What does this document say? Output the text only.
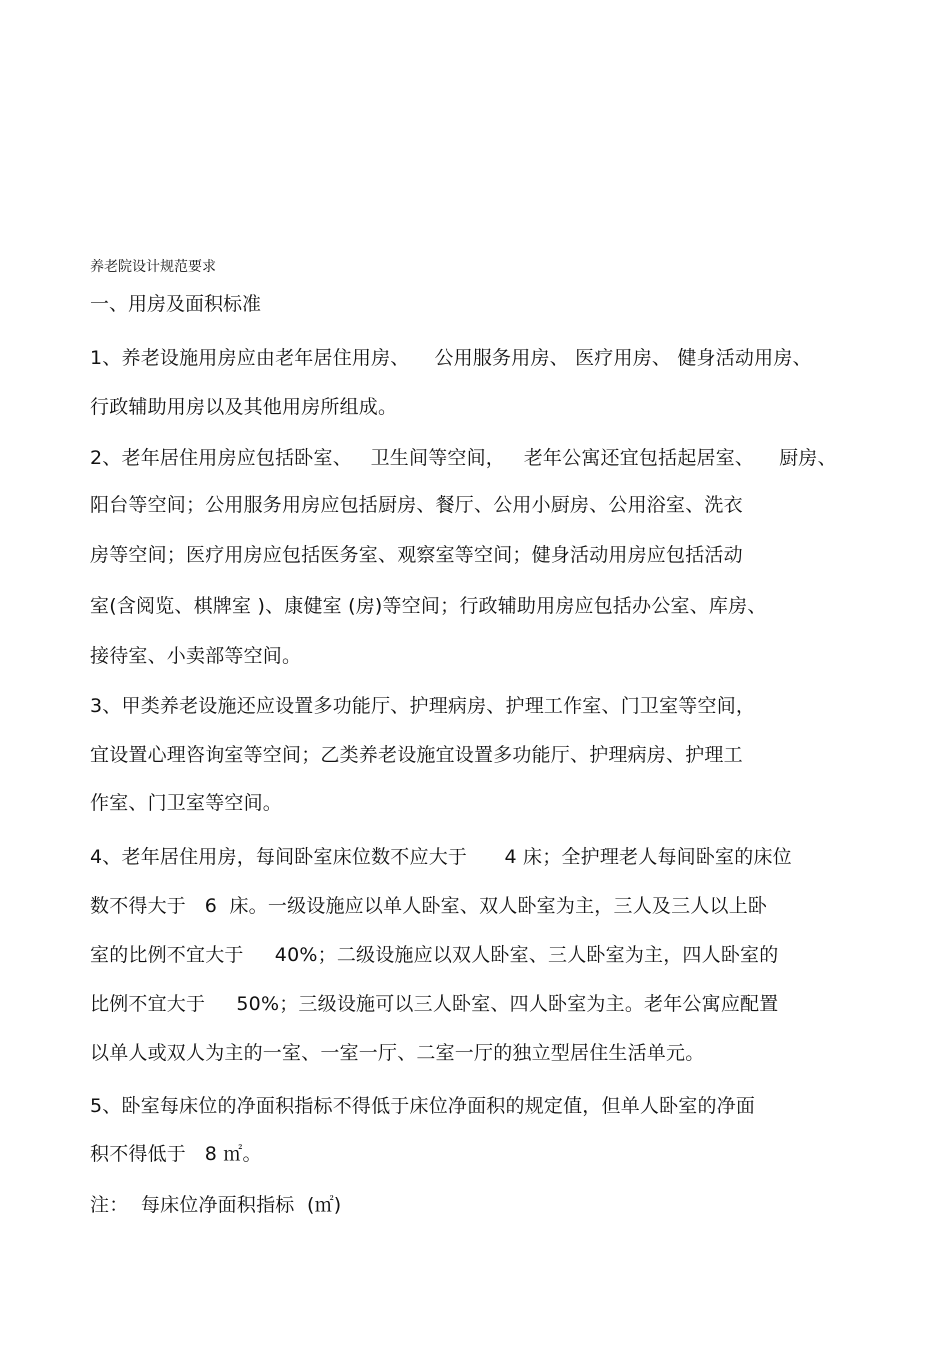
养老院设计规范要求
一、用房及面积标准
1、养老设施用房应由老年居住用房、    公用服务用房、 医疗用房、 健身活动用房、
行政辅助用房以及其他用房所组成。
2、老年居住用房应包括卧室、   卫生间等空间，   老年公寓还宜包括起居室、    厨房、
阳台等空间；公用服务用房应包括厨房、餐厅、公用小厨房、公用浴室、洗衣
房等空间；医疗用房应包括医务室、观察室等空间；健身活动用房应包括活动
室(含阅览、棋牌室 )、康健室 (房)等空间；行政辅助用房应包括办公室、库房、
接待室、小卖部等空间。
3、甲类养老设施还应设置多功能厅、护理病房、护理工作室、门卫室等空间，
宜设置心理咨询室等空间；乙类养老设施宜设置多功能厅、护理病房、护理工
作室、门卫室等空间。
4、老年居住用房，每间卧室床位数不应大于      4 床；全护理老人每间卧室的床位
数不得大于   6  床。一级设施应以单人卧室、双人卧室为主，三人及三人以上卧
室的比例不宜大于     40%；二级设施应以双人卧室、三人卧室为主，四人卧室的
比例不宜大于     50%；三级设施可以三人卧室、四人卧室为主。老年公寓应配置
以单人或双人为主的一室、一室一厅、二室一厅的独立型居住生活单元。
5、卧室每床位的净面积指标不得低于床位净面积的规定值，但单人卧室的净面
积不得低于   8 ㎡。
注：  每床位净面积指标  (㎡)
